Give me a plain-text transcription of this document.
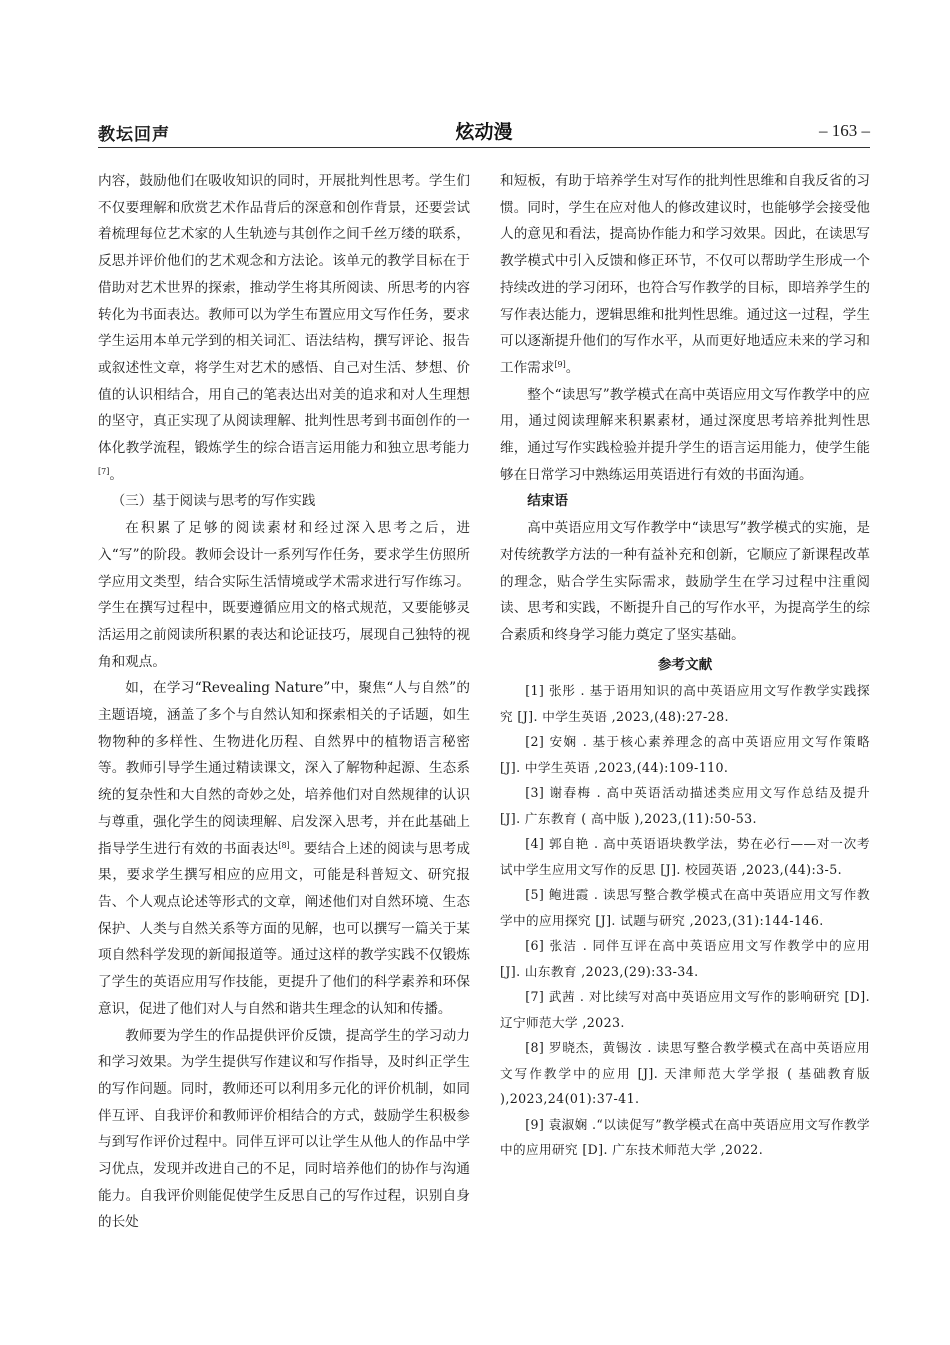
教坛回声	炫动漫	– 163 –

内容，鼓励他们在吸收知识的同时，开展批判性思考。学生们不仅要理解和欣赏艺术作品背后的深意和创作背景，还要尝试着梳理每位艺术家的人生轨迹与其创作之间千丝万缕的联系，反思并评价他们的艺术观念和方法论。该单元的教学目标在于借助对艺术世界的探索，推动学生将其所阅读、所思考的内容转化为书面表达。教师可以为学生布置应用文写作任务，要求学生运用本单元学到的相关词汇、语法结构，撰写评论、报告或叙述性文章，将学生对艺术的感悟、自己对生活、梦想、价值的认识相结合，用自己的笔表达出对美的追求和对人生理想的坚守，真正实现了从阅读理解、批判性思考到书面创作的一体化教学流程，锻炼学生的综合语言运用能力和独立思考能力[7]。

（三）基于阅读与思考的写作实践

在积累了足够的阅读素材和经过深入思考之后，进入“写”的阶段。教师会设计一系列写作任务，要求学生仿照所学应用文类型，结合实际生活情境或学术需求进行写作练习。学生在撰写过程中，既要遵循应用文的格式规范，又要能够灵活运用之前阅读所积累的表达和论证技巧，展现自己独特的视角和观点。

如，在学习“Revealing Nature”中，聚焦“人与自然”的主题语境，涵盖了多个与自然认知和探索相关的子话题，如生物物种的多样性、生物进化历程、自然界中的植物语言秘密等。教师引导学生通过精读课文，深入了解物种起源、生态系统的复杂性和大自然的奇妙之处，培养他们对自然规律的认识与尊重，强化学生的阅读理解、启发深入思考，并在此基础上指导学生进行有效的书面表达[8]。要结合上述的阅读与思考成果，要求学生撰写相应的应用文，可能是科普短文、研究报告、个人观点论述等形式的文章，阐述他们对自然环境、生态保护、人类与自然关系等方面的见解，也可以撰写一篇关于某项自然科学发现的新闻报道等。通过这样的教学实践不仅锻炼了学生的英语应用写作技能，更提升了他们的科学素养和环保意识，促进了他们对人与自然和谐共生理念的认知和传播。

教师要为学生的作品提供评价反馈，提高学生的学习动力和学习效果。为学生提供写作建议和写作指导，及时纠正学生的写作问题。同时，教师还可以利用多元化的评价机制，如同伴互评、自我评价和教师评价相结合的方式，鼓励学生积极参与到写作评价过程中。同伴互评可以让学生从他人的作品中学习优点，发现并改进自己的不足，同时培养他们的协作与沟通能力。自我评价则能促使学生反思自己的写作过程，识别自身的长处

和短板，有助于培养学生对写作的批判性思维和自我反省的习惯。同时，学生在应对他人的修改建议时，也能够学会接受他人的意见和看法，提高协作能力和学习效果。因此，在读思写教学模式中引入反馈和修正环节，不仅可以帮助学生形成一个持续改进的学习闭环，也符合写作教学的目标，即培养学生的写作表达能力，逻辑思维和批判性思维。通过这一过程，学生可以逐渐提升他们的写作水平，从而更好地适应未来的学习和工作需求[9]。

整个“读思写”教学模式在高中英语应用文写作教学中的应用，通过阅读理解来积累素材，通过深度思考培养批判性思维，通过写作实践检验并提升学生的语言运用能力，使学生能够在日常学习中熟练运用英语进行有效的书面沟通。

结束语

高中英语应用文写作教学中“读思写”教学模式的实施，是对传统教学方法的一种有益补充和创新，它顺应了新课程改革的理念，贴合学生实际需求，鼓励学生在学习过程中注重阅读、思考和实践，不断提升自己的写作水平，为提高学生的综合素质和终身学习能力奠定了坚实基础。

参考文献

[1] 张彤 . 基于语用知识的高中英语应用文写作教学实践探究 [J]. 中学生英语 ,2023,(48):27-28.

[2] 安娴 . 基于核心素养理念的高中英语应用文写作策略 [J]. 中学生英语 ,2023,(44):109-110.

[3] 谢春梅 . 高中英语活动描述类应用文写作总结及提升 [J]. 广东教育 ( 高中版 ),2023,(11):50-53.

[4] 郭自艳 . 高中英语语块教学法，势在必行——对一次考试中学生应用文写作的反思 [J]. 校园英语 ,2023,(44):3-5.

[5] 鲍进霞 . 读思写整合教学模式在高中英语应用文写作教学中的应用探究 [J]. 试题与研究 ,2023,(31):144-146.

[6] 张洁 . 同伴互评在高中英语应用文写作教学中的应用 [J]. 山东教育 ,2023,(29):33-34.

[7] 武茜 . 对比续写对高中英语应用文写作的影响研究 [D]. 辽宁师范大学 ,2023.

[8] 罗晓杰，黄锡汝 . 读思写整合教学模式在高中英语应用文写作教学中的应用 [J]. 天津师范大学学报 ( 基础教育版 ),2023,24(01):37-41.

[9] 袁淑娴 .“以读促写”教学模式在高中英语应用文写作教学中的应用研究 [D]. 广东技术师范大学 ,2022.
